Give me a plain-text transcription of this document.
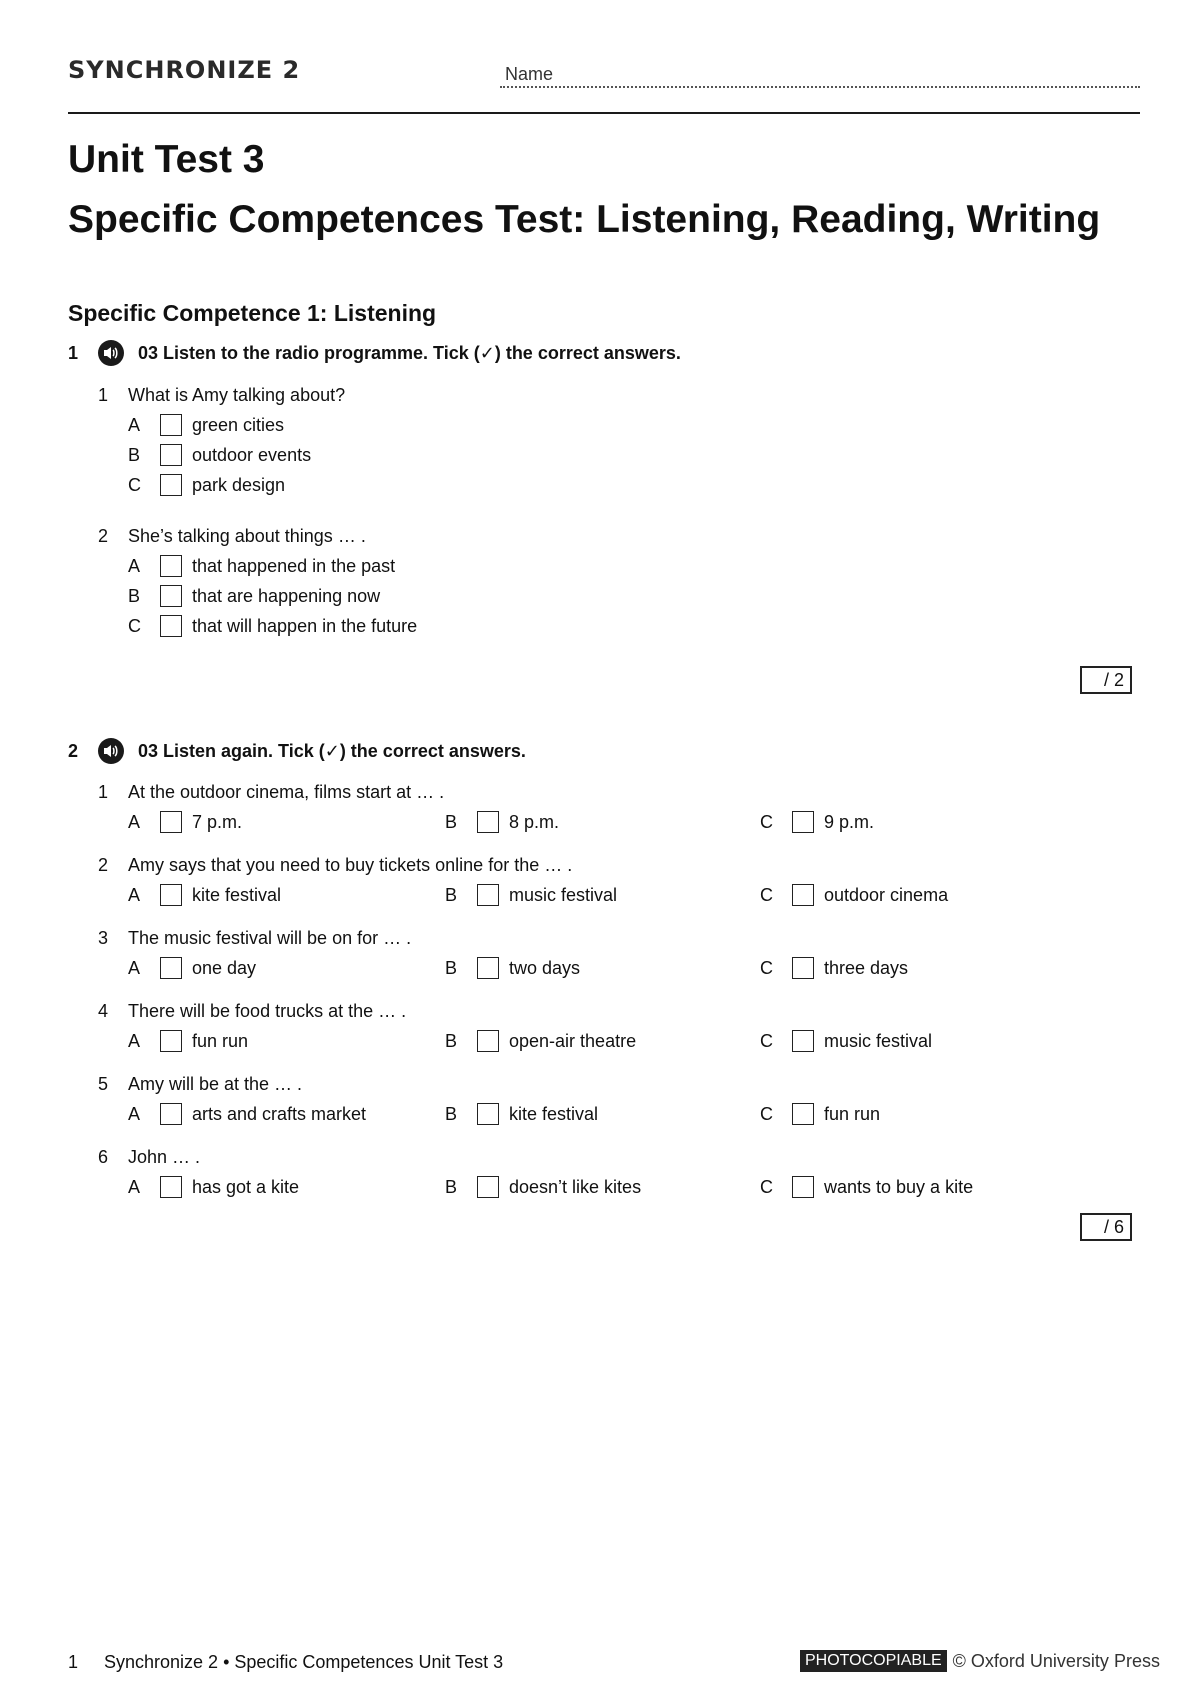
SYNCHRONIZE 2	Name
Unit Test 3
Specific Competences Test: Listening, Reading, Writing
Specific Competence 1: Listening
1	03 Listen to the radio programme. Tick (✓) the correct answers.
1 What is Amy talking about?
A	green cities
B	outdoor events
C	park design
2 She’s talking about things … .
A	that happened in the past
B	that are happening now
C	that will happen in the future
/ 2
2	03 Listen again. Tick (✓) the correct answers.
1 At the outdoor cinema, films start at … .
A	7 p.m.	B	8 p.m.	C	9 p.m.
2 Amy says that you need to buy tickets online for the … .
A	kite festival	B	music festival	C	outdoor cinema
3 The music festival will be on for … .
A	one day	B	two days	C	three days
4 There will be food trucks at the … .
A	fun run	B	open-air theatre	C	music festival
5 Amy will be at the … .
A	arts and crafts market	B	kite festival	C	fun run
6 John … .
A	has got a kite	B	doesn’t like kites	C	wants to buy a kite
/ 6
1 Synchronize 2 • Specific Competences Unit Test 3	PHOTOCOPIABLE © Oxford University Press
